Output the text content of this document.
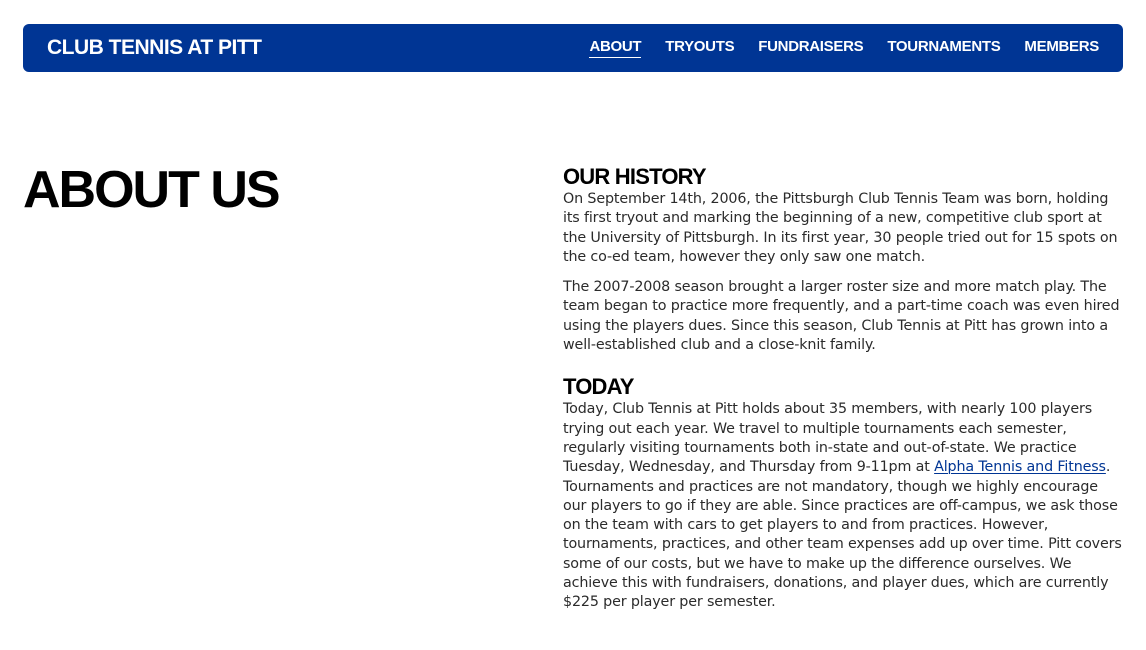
CLUB TENNIS AT PITT	ABOUT TRYOUTS FUNDRAISERS TOURNAMENTS MEMBERS
ABOUT US	OUR HISTORY

On September 14th, 2006, the Pittsburgh Club Tennis Team was born, holding its first tryout and marking the beginning of a new, competitive club sport at the University of Pittsburgh. In its first year, 30 people tried out for 15 spots on the co-ed team, however they only saw one match.

The 2007-2008 season brought a larger roster size and more match play. The team began to practice more frequently, and a part-time coach was even hired using the players dues. Since this season, Club Tennis at Pitt has grown into a well-established club and a close-knit family.

TODAY

Today, Club Tennis at Pitt holds about 35 members, with nearly 100 players trying out each year. We travel to multiple tournaments each semester, regularly visiting tournaments both in-state and out-of-state. We practice Tuesday, Wednesday, and Thursday from 9-11pm at Alpha Tennis and Fitness. Tournaments and practices are not mandatory, though we highly encourage our players to go if they are able. Since practices are off-campus, we ask those on the team with cars to get players to and from practices. However, tournaments, practices, and other team expenses add up over time. Pitt covers some of our costs, but we have to make up the difference ourselves. We achieve this with fundraisers, donations, and player dues, which are currently $225 per player per semester.
